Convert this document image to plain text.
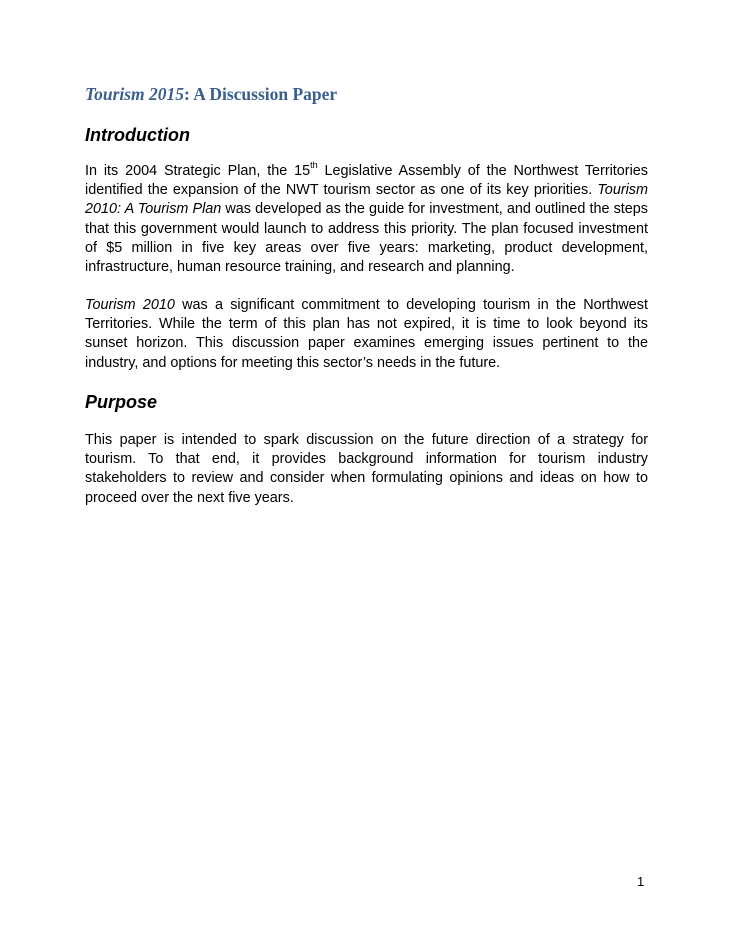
Tourism 2015: A Discussion Paper
Introduction

In its 2004 Strategic Plan, the 15th Legislative Assembly of the Northwest Territories identified the expansion of the NWT tourism sector as one of its key priorities. Tourism 2010: A Tourism Plan was developed as the guide for investment, and outlined the steps that this government would launch to address this priority. The plan focused investment of $5 million in five key areas over five years: marketing, product development, infrastructure, human resource training, and research and planning.

Tourism 2010 was a significant commitment to developing tourism in the Northwest Territories. While the term of this plan has not expired, it is time to look beyond its sunset horizon. This discussion paper examines emerging issues pertinent to the industry, and options for meeting this sector’s needs in the future.

Purpose

This paper is intended to spark discussion on the future direction of a strategy for tourism. To that end, it provides background information for tourism industry stakeholders to review and consider when formulating opinions and ideas on how to proceed over the next five years.

1
